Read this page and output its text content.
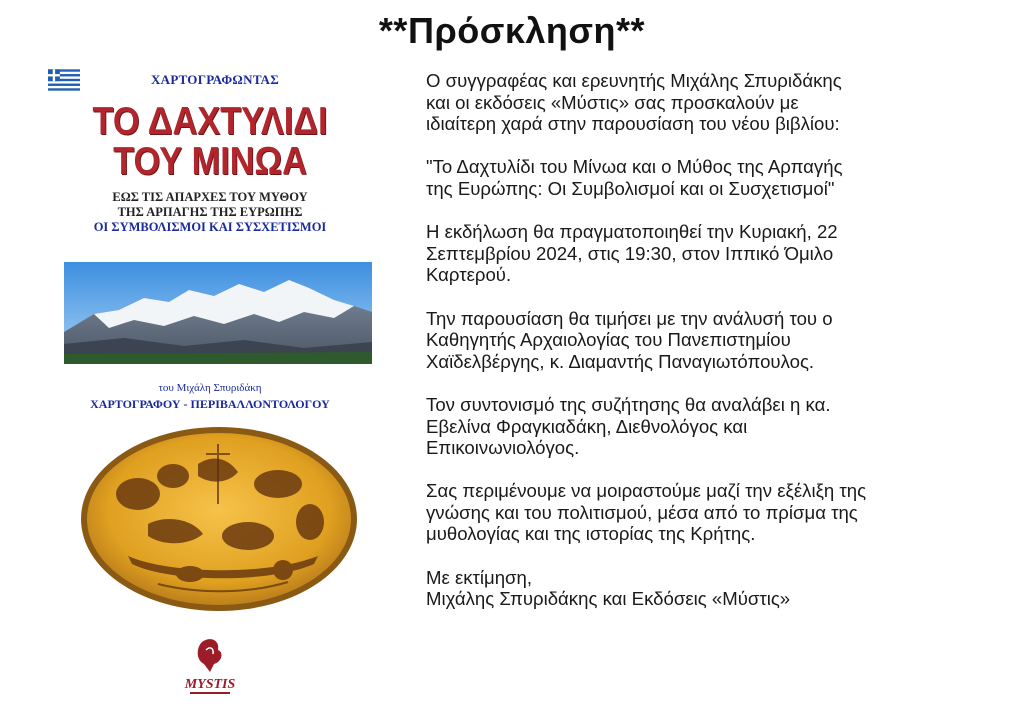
**Πρόσκληση**
ΧΑΡΤΟΓΡΑΦΩΝΤΑΣ
ΤΟ ΔΑΧΤΥΛΙΔΙ
ΤΟΥ ΜΙΝΩΑ
ΕΩΣ ΤΙΣ ΑΠΑΡΧΕΣ ΤΟΥ ΜΥΘΟΥ
ΤΗΣ ΑΡΠΑΓΗΣ ΤΗΣ ΕΥΡΩΠΗΣ
ΟΙ ΣΥΜΒΟΛΙΣΜΟΙ ΚΑΙ ΣΥΣΧΕΤΙΣΜΟΙ
του Μιχάλη Σπυριδάκη
ΧΑΡΤΟΓΡΑΦΟΥ - ΠΕΡΙΒΑΛΛΟΝΤΟΛΟΓΟΥ
MYSTIS

Ο συγγραφέας και ερευνητής Μιχάλης Σπυριδάκης
και οι εκδόσεις «Μύστις» σας προσκαλούν με
ιδιαίτερη χαρά στην παρουσίαση του νέου βιβλίου:

"Το Δαχτυλίδι του Μίνωα και ο Μύθος της Αρπαγής
της Ευρώπης: Οι Συμβολισμοί και οι Συσχετισμοί"

Η εκδήλωση θα πραγματοποιηθεί την Κυριακή, 22
Σεπτεμβρίου 2024, στις 19:30, στον Ιππικό Όμιλο
Καρτερού.

Την παρουσίαση θα τιμήσει με την ανάλυσή του ο
Καθηγητής Αρχαιολογίας του Πανεπιστημίου
Χαϊδελβέργης, κ. Διαμαντής Παναγιωτόπουλος.

Τον συντονισμό της συζήτησης θα αναλάβει η κα.
Εβελίνα Φραγκιαδάκη, Διεθνολόγος και
Επικοινωνιολόγος.

Σας περιμένουμε να μοιραστούμε μαζί την εξέλιξη της
γνώσης και του πολιτισμού, μέσα από το πρίσμα της
μυθολογίας και της ιστορίας της Κρήτης.

Με εκτίμηση,

Μιχάλης Σπυριδάκης και Εκδόσεις «Μύστις»
